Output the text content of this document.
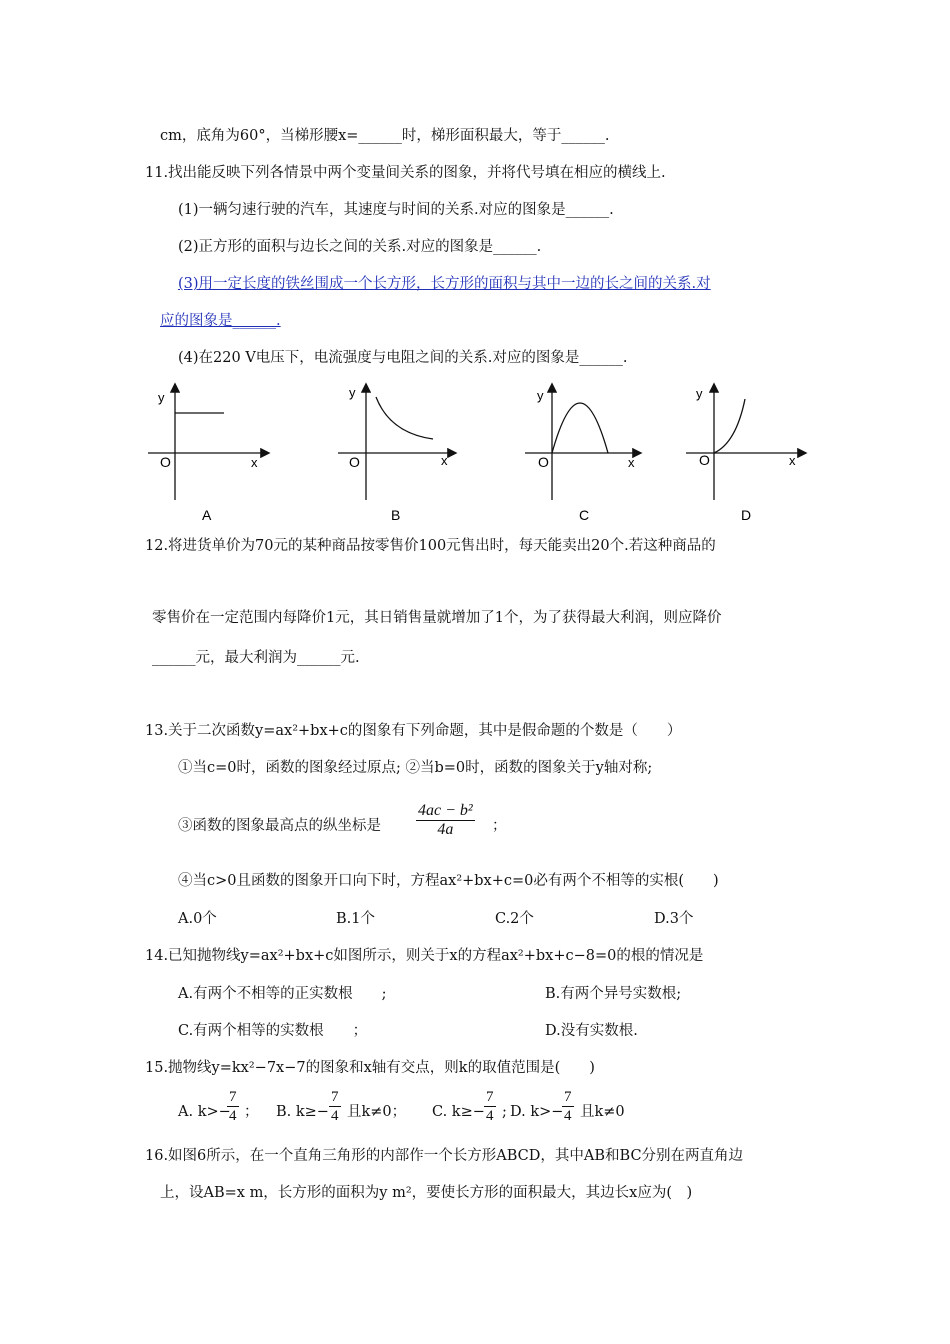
cm，底角为60°，当梯形腰x=______时，梯形面积最大，等于______.
11.找出能反映下列各情景中两个变量间关系的图象，并将代号填在相应的横线上.
(1)一辆匀速行驶的汽车，其速度与时间的关系.对应的图象是______.
(2)正方形的面积与边长之间的关系.对应的图象是______.
(3)用一定长度的铁丝围成一个长方形，长方形的面积与其中一边的长之间的关系.对
应的图象是______.
(4)在220 V电压下，电流强度与电阻之间的关系.对应的图象是______.
y
O	x
y
O	x
y
O	x
y
O	x
A	B	C	D
12.将进货单价为70元的某种商品按零售价100元售出时，每天能卖出20个.若这种商品的
零售价在一定范围内每降价1元，其日销售量就增加了1个，为了获得最大利润，则应降价
______元，最大利润为______元.
13.关于二次函数y=ax²+bx+c的图象有下列命题，其中是假命题的个数是（　　）
①当c=0时，函数的图象经过原点; ②当b=0时，函数的图象关于y轴对称;
③函数的图象最高点的纵坐标是 $\frac{\text{4ac − b²}}{4a}$ ；
④当c>0且函数的图象开口向下时，方程ax²+bx+c=0必有两个不相等的实根(　　)
A.0个	B.1个	C.2个	D.3个
14.已知抛物线y=ax²+bx+c如图所示，则关于x的方程ax²+bx+c−8=0的根的情况是
A.有两个不相等的正实数根　　;	B.有两个异号实数根;
C.有两个相等的实数根　　；	D.没有实数根.
15.抛物线y=kx²−7x−7的图象和x轴有交点，则k的取值范围是(　　)
A. k>−
$\frac{7}{4}$ ； B. $k\ge- \frac{7}{4}$ 且k≠0； C. $k\ge- \frac{7}{4}$ ; D. k>−
$\frac{7}{4}$ 且k≠0
16.如图6所示，在一个直角三角形的内部作一个长方形ABCD，其中AB和BC分别在两直角边
上，设AB=x m，长方形的面积为y m²，要使长方形的面积最大，其边长x应为(　)
